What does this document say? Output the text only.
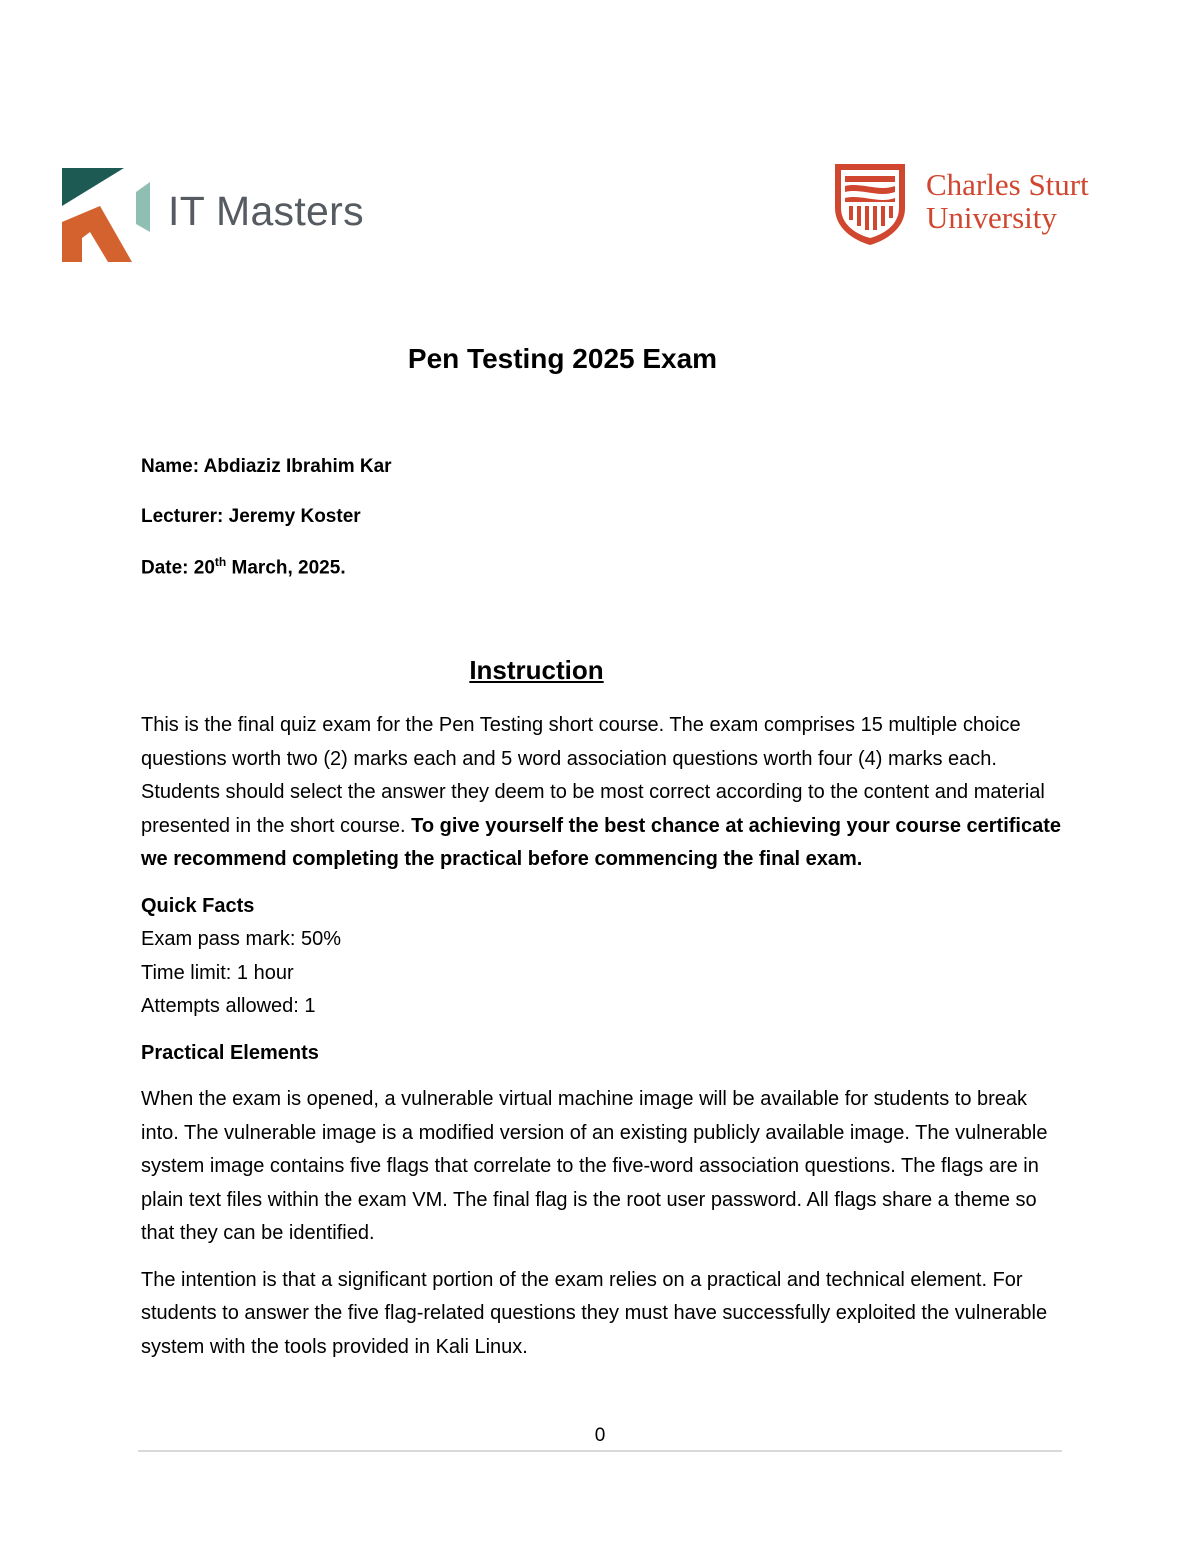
IT Masters
Charles Sturt
University
Pen Testing 2025 Exam
Name: Abdiaziz Ibrahim Kar
Lecturer: Jeremy Koster
Date: 20th March, 2025.
Instruction

This is the final quiz exam for the Pen Testing short course. The exam comprises 15 multiple choice questions worth two (2) marks each and 5 word association questions worth four (4) marks each. Students should select the answer they deem to be most correct according to the content and material presented in the short course. To give yourself the best chance at achieving your course certificate we recommend completing the practical before commencing the final exam.

Quick Facts

Exam pass mark: 50%
Time limit: 1 hour
Attempts allowed: 1

Practical Elements

When the exam is opened, a vulnerable virtual machine image will be available for students to break into. The vulnerable image is a modified version of an existing publicly available image. The vulnerable system image contains five flags that correlate to the five-word association questions. The flags are in plain text files within the exam VM. The final flag is the root user password. All flags share a theme so that they can be identified.

The intention is that a significant portion of the exam relies on a practical and technical element. For students to answer the five flag-related questions they must have successfully exploited the vulnerable system with the tools provided in Kali Linux.

0
